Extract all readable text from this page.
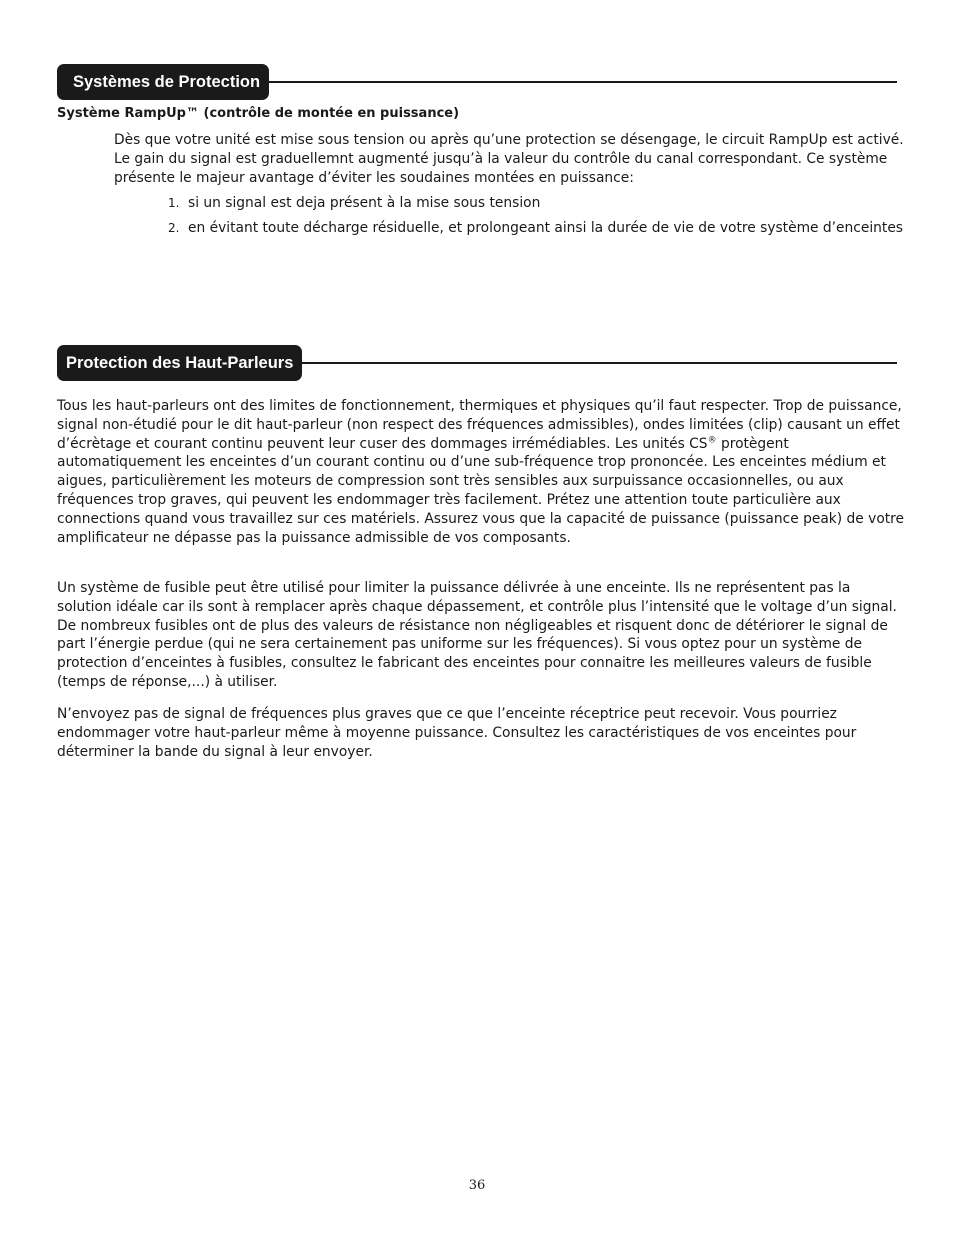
Systèmes de Protection

Système RampUp™ (contrôle de montée en puissance)

Dès que votre unité est mise sous tension ou après qu’une protection se désengage, le circuit RampUp est activé. Le gain du signal est graduellemnt augmenté jusqu’à la valeur du contrôle du canal correspondant. Ce système présente le majeur avantage d’éviter les soudaines montées en puissance:

1. si un signal est deja présent à la mise sous tension

2. en évitant toute décharge résiduelle, et prolongeant ainsi la durée de vie de votre système d’enceintes

Protection des Haut-Parleurs

Tous les haut-parleurs ont des limites de fonctionnement, thermiques et physiques qu’il faut respecter. Trop de puissance, signal non-étudié pour le dit haut-parleur (non respect des fréquences admissibles), ondes limitées (clip) causant un effet d’écrètage et courant continu peuvent leur cuser des dommages irrémédiables. Les unités CS® protègent automatiquement les enceintes d’un courant continu ou d’une sub-fréquence trop prononcée. Les enceintes médium et aigues, particulièrement les moteurs de compression sont très sensibles aux surpuissance occasionnelles, ou aux fréquences trop graves, qui peuvent les endommager très facilement. Prétez une attention toute particulière aux connections quand vous travaillez sur ces matériels. Assurez vous que la capacité de puissance (puissance peak) de votre amplificateur ne dépasse pas la puissance admissible de vos composants.

Un système de fusible peut être utilisé pour limiter la puissance délivrée à une enceinte. Ils ne représentent pas la solution idéale car ils sont à remplacer après chaque dépassement, et contrôle plus l’intensité que le voltage d’un signal. De nombreux fusibles ont de plus des valeurs de résistance non négligeables et risquent donc de détériorer le signal de part l’énergie perdue (qui ne sera certainement pas uniforme sur les fréquences). Si vous optez pour un système de protection d’enceintes à fusibles, consultez le fabricant des enceintes pour connaitre les meilleures valeurs de fusible (temps de réponse,...) à utiliser.

N’envoyez pas de signal de fréquences plus graves que ce que l’enceinte réceptrice peut recevoir. Vous pourriez endommager votre haut-parleur même à moyenne puissance. Consultez les caractéristiques de vos enceintes pour déterminer la bande du signal à leur envoyer.

36
